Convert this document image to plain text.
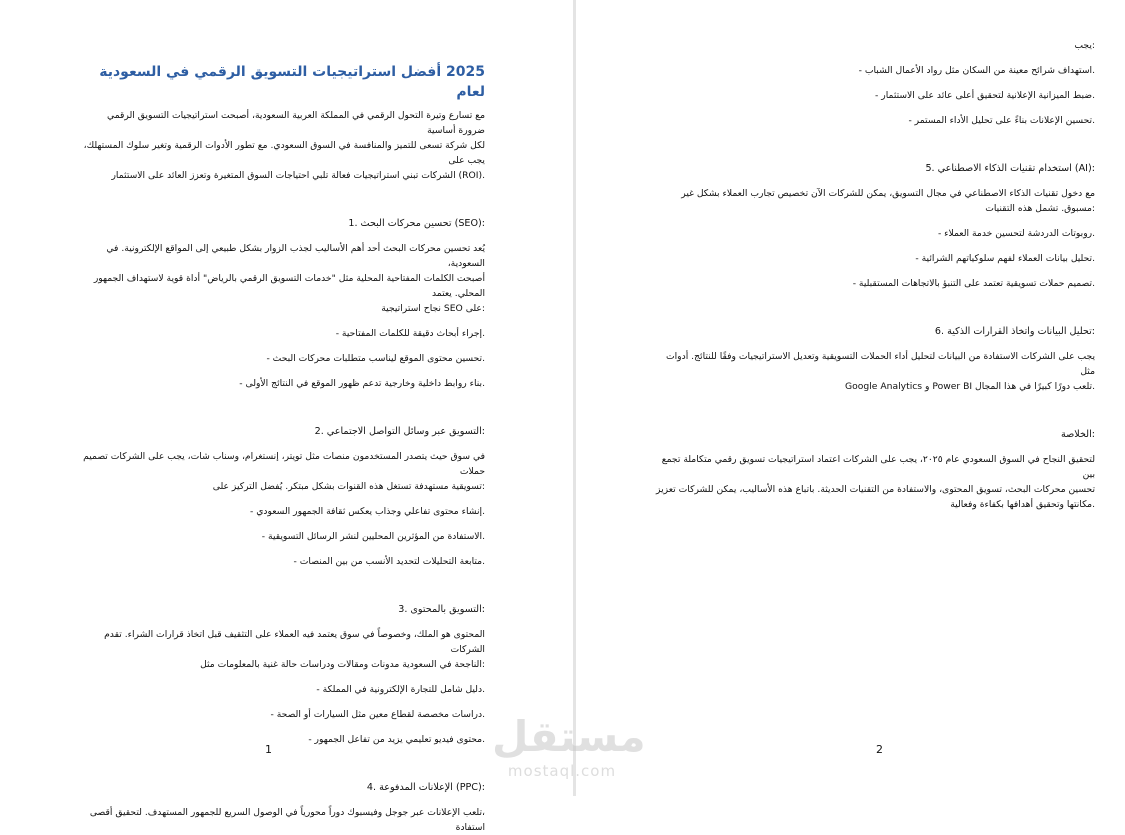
2025 أفضل استراتيجيات التسويق الرقمي في السعودية لعام

مع تسارع وتيرة التحول الرقمي في المملكة العربية السعودية، أصبحت استراتيجيات التسويق الرقمي ضرورة أساسية

لكل شركة تسعى للتميز والمنافسة في السوق السعودي. مع تطور الأدوات الرقمية وتغير سلوك المستهلك، يجب على

.(ROI) الشركات تبني استراتيجيات فعالة تلبي احتياجات السوق المتغيرة وتعزز العائد على الاستثمار

:(SEO) تحسين محركات البحث .1

يُعد تحسين محركات البحث أحد أهم الأساليب لجذب الزوار بشكل طبيعي إلى المواقع الإلكترونية. في السعودية،

أصبحت الكلمات المفتاحية المحلية مثل "خدمات التسويق الرقمي بالرياض" أداة قوية لاستهداف الجمهور المحلي. يعتمد

:على SEO نجاح استراتيجية

.إجراء أبحاث دقيقة للكلمات المفتاحية -

.تحسين محتوى الموقع ليناسب متطلبات محركات البحث -

.بناء روابط داخلية وخارجية تدعم ظهور الموقع في النتائج الأولى -

:التسويق عبر وسائل التواصل الاجتماعي .2

في سوق حيث يتصدر المستخدمون منصات مثل تويتر، إنستغرام، وسناب شات، يجب على الشركات تصميم حملات

:تسويقية مستهدفة تستغل هذه القنوات بشكل مبتكر. يُفضل التركيز على

.إنشاء محتوى تفاعلي وجذاب يعكس ثقافة الجمهور السعودي -

.الاستفادة من المؤثرين المحليين لنشر الرسائل التسويقية -

.متابعة التحليلات لتحديد الأنسب من بين المنصات -

:التسويق بالمحتوى .3

المحتوى هو الملك، وخصوصاً في سوق يعتمد فيه العملاء على التثقيف قبل اتخاذ قرارات الشراء. تقدم الشركات

:الناجحة في السعودية مدونات ومقالات ودراسات حالة غنية بالمعلومات مثل

.دليل شامل للتجارة الإلكترونية في المملكة -

.دراسات مخصصة لقطاع معين مثل السيارات أو الصحة -

.محتوى فيديو تعليمي يزيد من تفاعل الجمهور -

:(PPC) الإعلانات المدفوعة .4

،تلعب الإعلانات عبر جوجل وفيسبوك دوراً محورياً في الوصول السريع للجمهور المستهدف. لتحقيق أقصى استفادة

:يجب

.استهداف شرائح معينة من السكان مثل رواد الأعمال الشباب -

.ضبط الميزانية الإعلانية لتحقيق أعلى عائد على الاستثمار -

.تحسين الإعلانات بناءً على تحليل الأداء المستمر -

:(AI) استخدام تقنيات الذكاء الاصطناعي .5

مع دخول تقنيات الذكاء الاصطناعي في مجال التسويق، يمكن للشركات الآن تخصيص تجارب العملاء بشكل غير

:مسبوق. تشمل هذه التقنيات

.روبوتات الدردشة لتحسين خدمة العملاء -

.تحليل بيانات العملاء لفهم سلوكياتهم الشرائية -

.تصميم حملات تسويقية تعتمد على التنبؤ بالاتجاهات المستقبلية -

:تحليل البيانات واتخاذ القرارات الذكية .6

يجب على الشركات الاستفادة من البيانات لتحليل أداء الحملات التسويقية وتعديل الاستراتيجيات وفقًا للنتائج. أدوات مثل

.تلعب دورًا كبيرًا في هذا المجال Power BI و Google Analytics

:الخلاصة

لتحقيق النجاح في السوق السعودي عام ٢٠٢٥، يجب على الشركات اعتماد استراتيجيات تسويق رقمي متكاملة تجمع بين

تحسين محركات البحث، تسويق المحتوى، والاستفادة من التقنيات الحديثة. باتباع هذه الأساليب، يمكن للشركات تعزيز

.مكانتها وتحقيق أهدافها بكفاءة وفعالية

1	2
مستقل
mostaql.com
